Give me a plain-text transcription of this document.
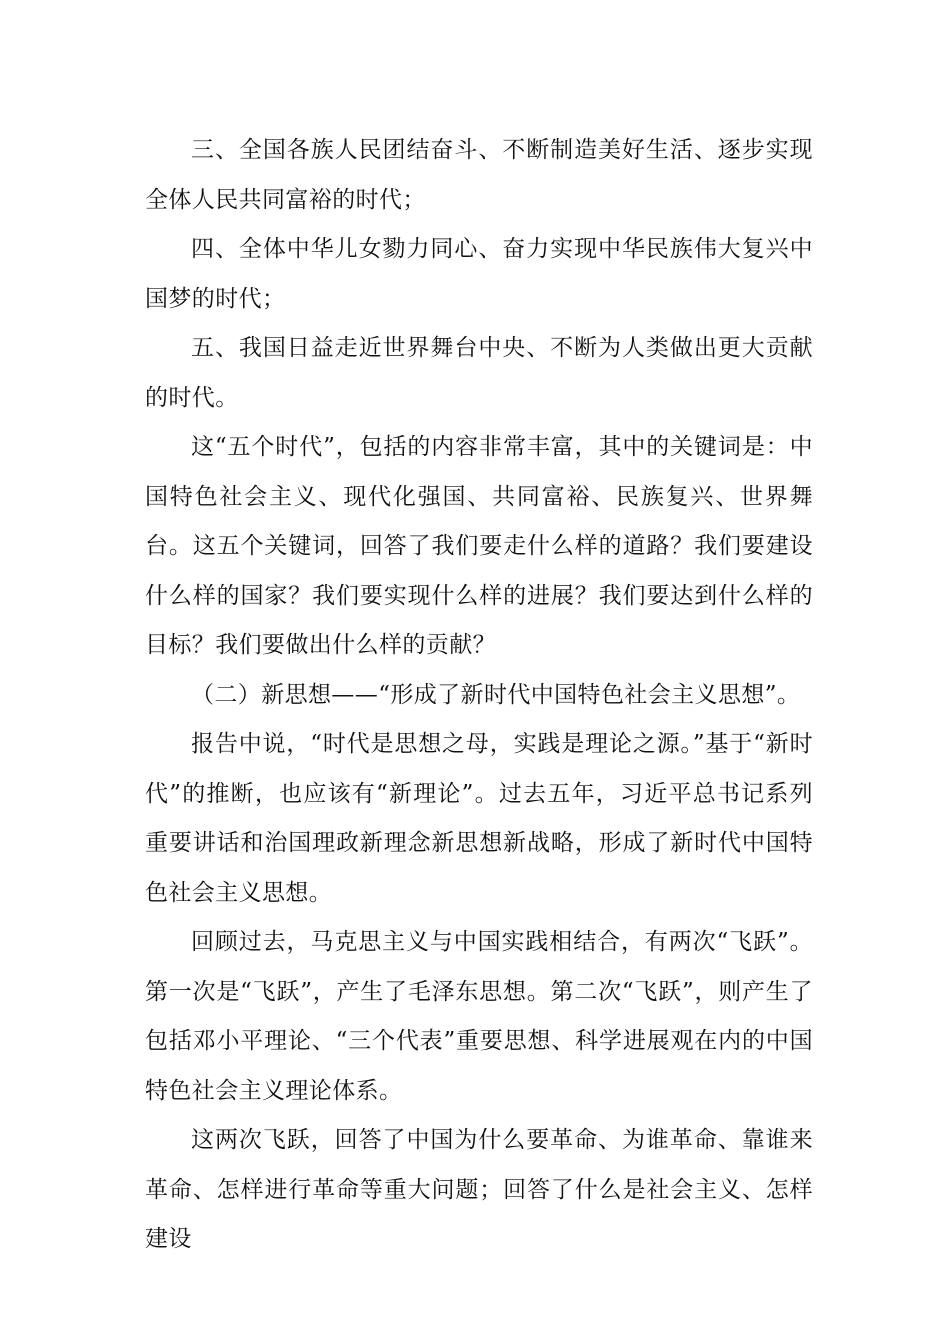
三、全国各族人民团结奋斗、不断制造美好生活、逐步实现全体人民共同富裕的时代；

四、全体中华儿女勠力同心、奋力实现中华民族伟大复兴中国梦的时代；

五、我国日益走近世界舞台中央、不断为人类做出更大贡献的时代。

这“五个时代”，包括的内容非常丰富，其中的关键词是：中国特色社会主义、现代化强国、共同富裕、民族复兴、世界舞台。这五个关键词，回答了我们要走什么样的道路？我们要建设什么样的国家？我们要实现什么样的进展？我们要达到什么样的目标？我们要做出什么样的贡献？

（二）新思想——“形成了新时代中国特色社会主义思想”。

报告中说，“时代是思想之母，实践是理论之源。”基于“新时代”的推断，也应该有“新理论”。过去五年，习近平总书记系列重要讲话和治国理政新理念新思想新战略，形成了新时代中国特色社会主义思想。

回顾过去，马克思主义与中国实践相结合，有两次“飞跃”。第一次是“飞跃”，产生了毛泽东思想。第二次“飞跃”，则产生了包括邓小平理论、“三个代表”重要思想、科学进展观在内的中国特色社会主义理论体系。

这两次飞跃，回答了中国为什么要革命、为谁革命、靠谁来革命、怎样进行革命等重大问题；回答了什么是社会主义、怎样建设
